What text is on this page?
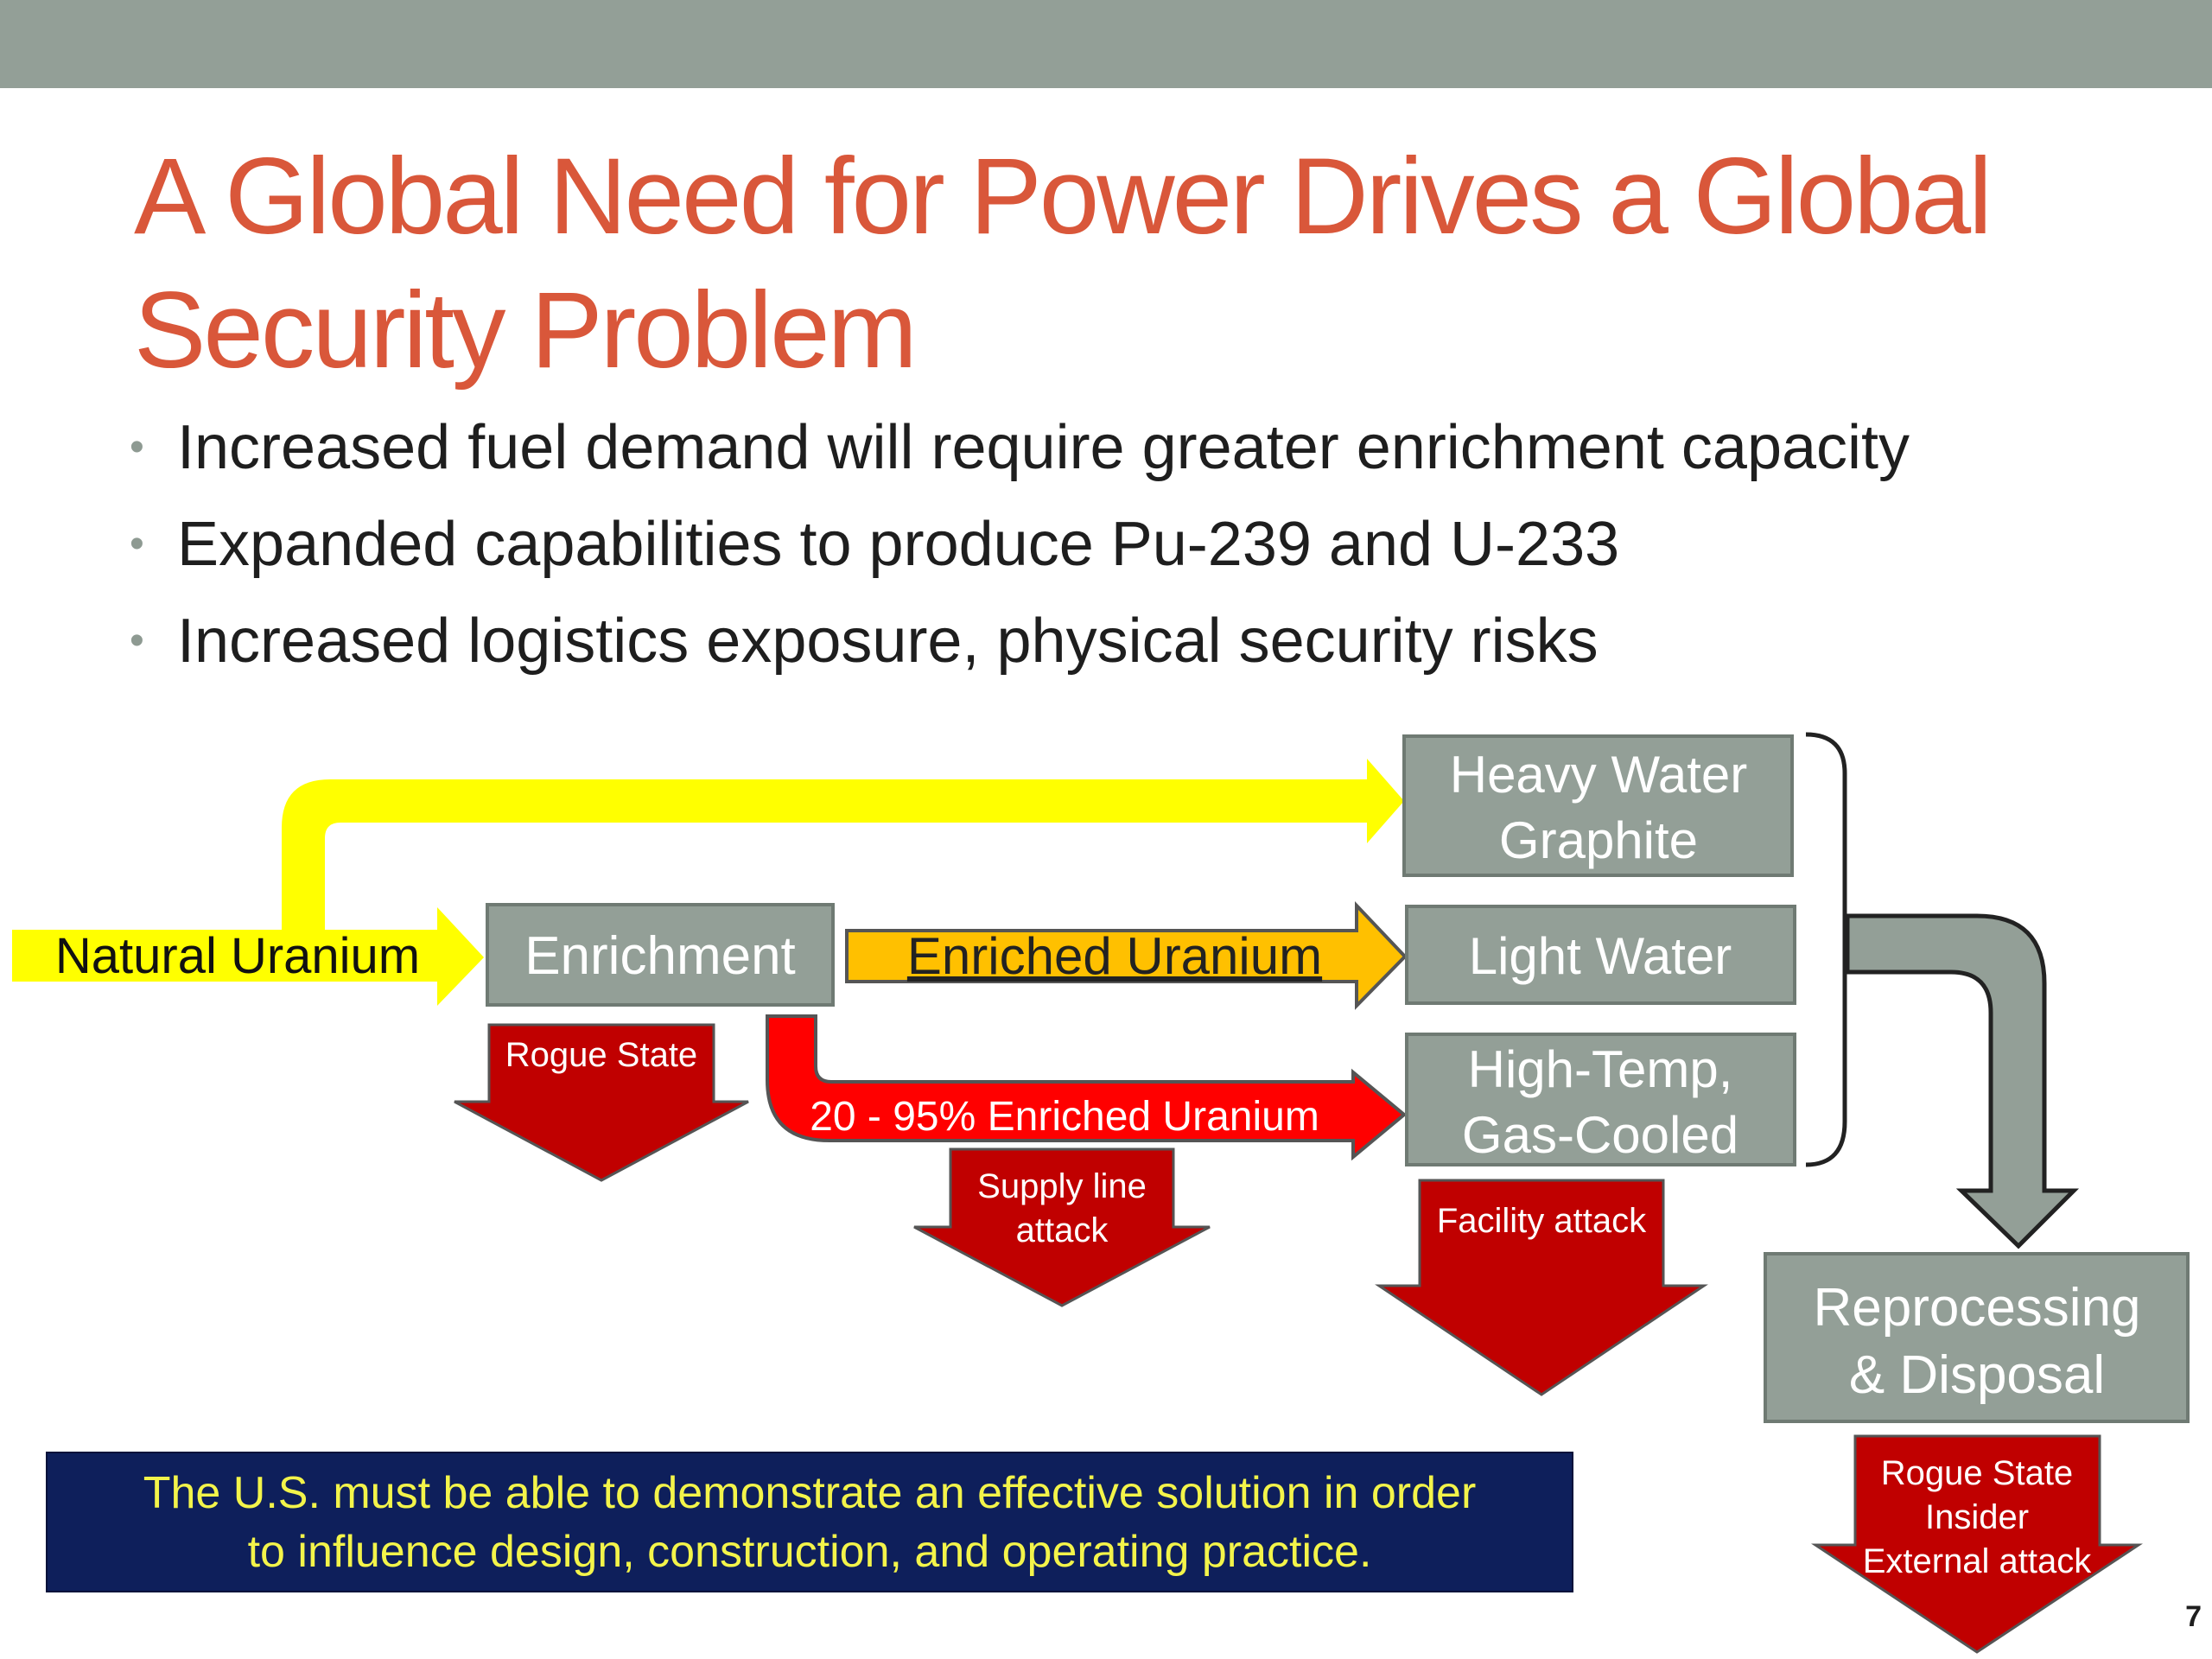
A Global Need for Power Drives a Global Security Problem
• Increased fuel demand will require greater enrichment capacity
• Expanded capabilities to produce Pu-239 and U-233
• Increased logistics exposure, physical security risks
Natural Uranium Enrichment Enriched Uranium
20 - 95% Enriched Uranium
Heavy Water
Graphite
Light Water
High-Temp,
Gas-Cooled
Reprocessing
& Disposal
Rogue State
Supply line
attack	Facility attack
Rogue State
Insider
External attack
The U.S. must be able to demonstrate an effective solution in order
to influence design, construction, and operating practice.
7
